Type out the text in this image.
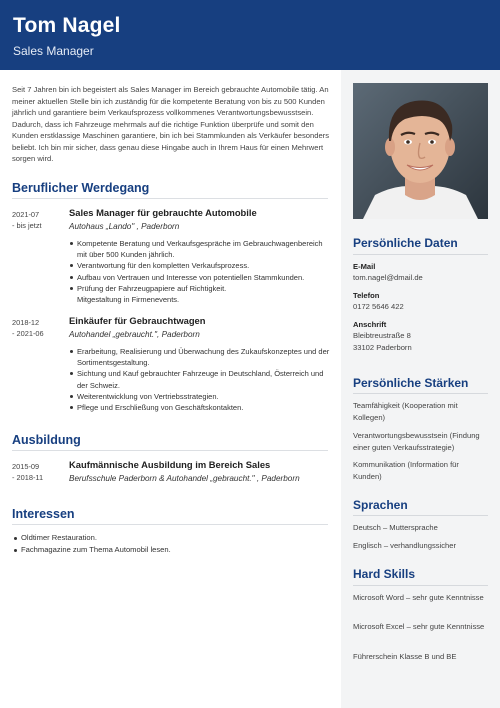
Tom Nagel
Sales Manager
Seit 7 Jahren bin ich begeistert als Sales Manager im Bereich gebrauchte Automobile tätig. An meiner aktuellen Stelle bin ich zuständig für die kompetente Beratung von bis zu 500 Kunden jährlich und garantiere beim Verkaufsprozess vollkommenes Verantwortungsbewusstsein. Dadurch, dass ich Fahrzeuge mehrmals auf die richtige Funktion überprüfe und somit den Kunden erstklassige Maschinen garantiere, bin ich bei Stammkunden als Verkäufer besonders beliebt. Ich bin mir sicher, dass genau diese Hingabe auch in Ihrem Haus für einen Mehrwert sorgen wird.
Beruflicher Werdegang
2021-07
- bis jetzt
Sales Manager für gebrauchte Automobile
Autohaus „Lando" , Paderborn
Kompetente Beratung und Verkaufsgespräche im Gebrauchwagenbereich mit über 500 Kunden jährlich.
Verantwortung für den kompletten Verkaufsprozess.
Aufbau von Vertrauen und Interesse von potentiellen Stammkunden.
Prüfung der Fahrzeugpapiere auf Richtigkeit.
Mitgestaltung in Firmenevents.
2018-12
- 2021-06
Einkäufer für Gebrauchtwagen
Autohandel „gebraucht.", Paderborn
Erarbeitung, Realisierung und Überwachung des Zukaufskonzeptes und der Sortimentsgestaltung.
Sichtung und Kauf gebrauchter Fahrzeuge in Deutschland, Österreich und der Schweiz.
Weiterentwicklung von Vertriebsstrategien.
Pflege und Erschließung von Geschäftskontakten.
Ausbildung
2015-09
- 2018-11
Kaufmännische Ausbildung im Bereich Sales
Berufsschule Paderborn & Autohandel „gebraucht." , Paderborn
Interessen
Oldtimer Restauration.
Fachmagazine zum Thema Automobil lesen.
Persönliche Daten
E-Mail
tom.nagel@dmail.de
Telefon
0172 5646 422
Anschrift
Bleibtreustraße 8
33102 Paderborn
Persönliche Stärken
Teamfähigkeit (Kooperation mit Kollegen)
Verantwortungsbewusstsein (Findung einer guten Verkaufsstrategie)
Kommunikation (Information für Kunden)
Sprachen
Deutsch – Muttersprache
Englisch – verhandlungssicher
Hard Skills
Microsoft Word – sehr gute Kenntnisse
Microsoft Excel – sehr gute Kenntnisse
Führerschein Klasse B und BE
